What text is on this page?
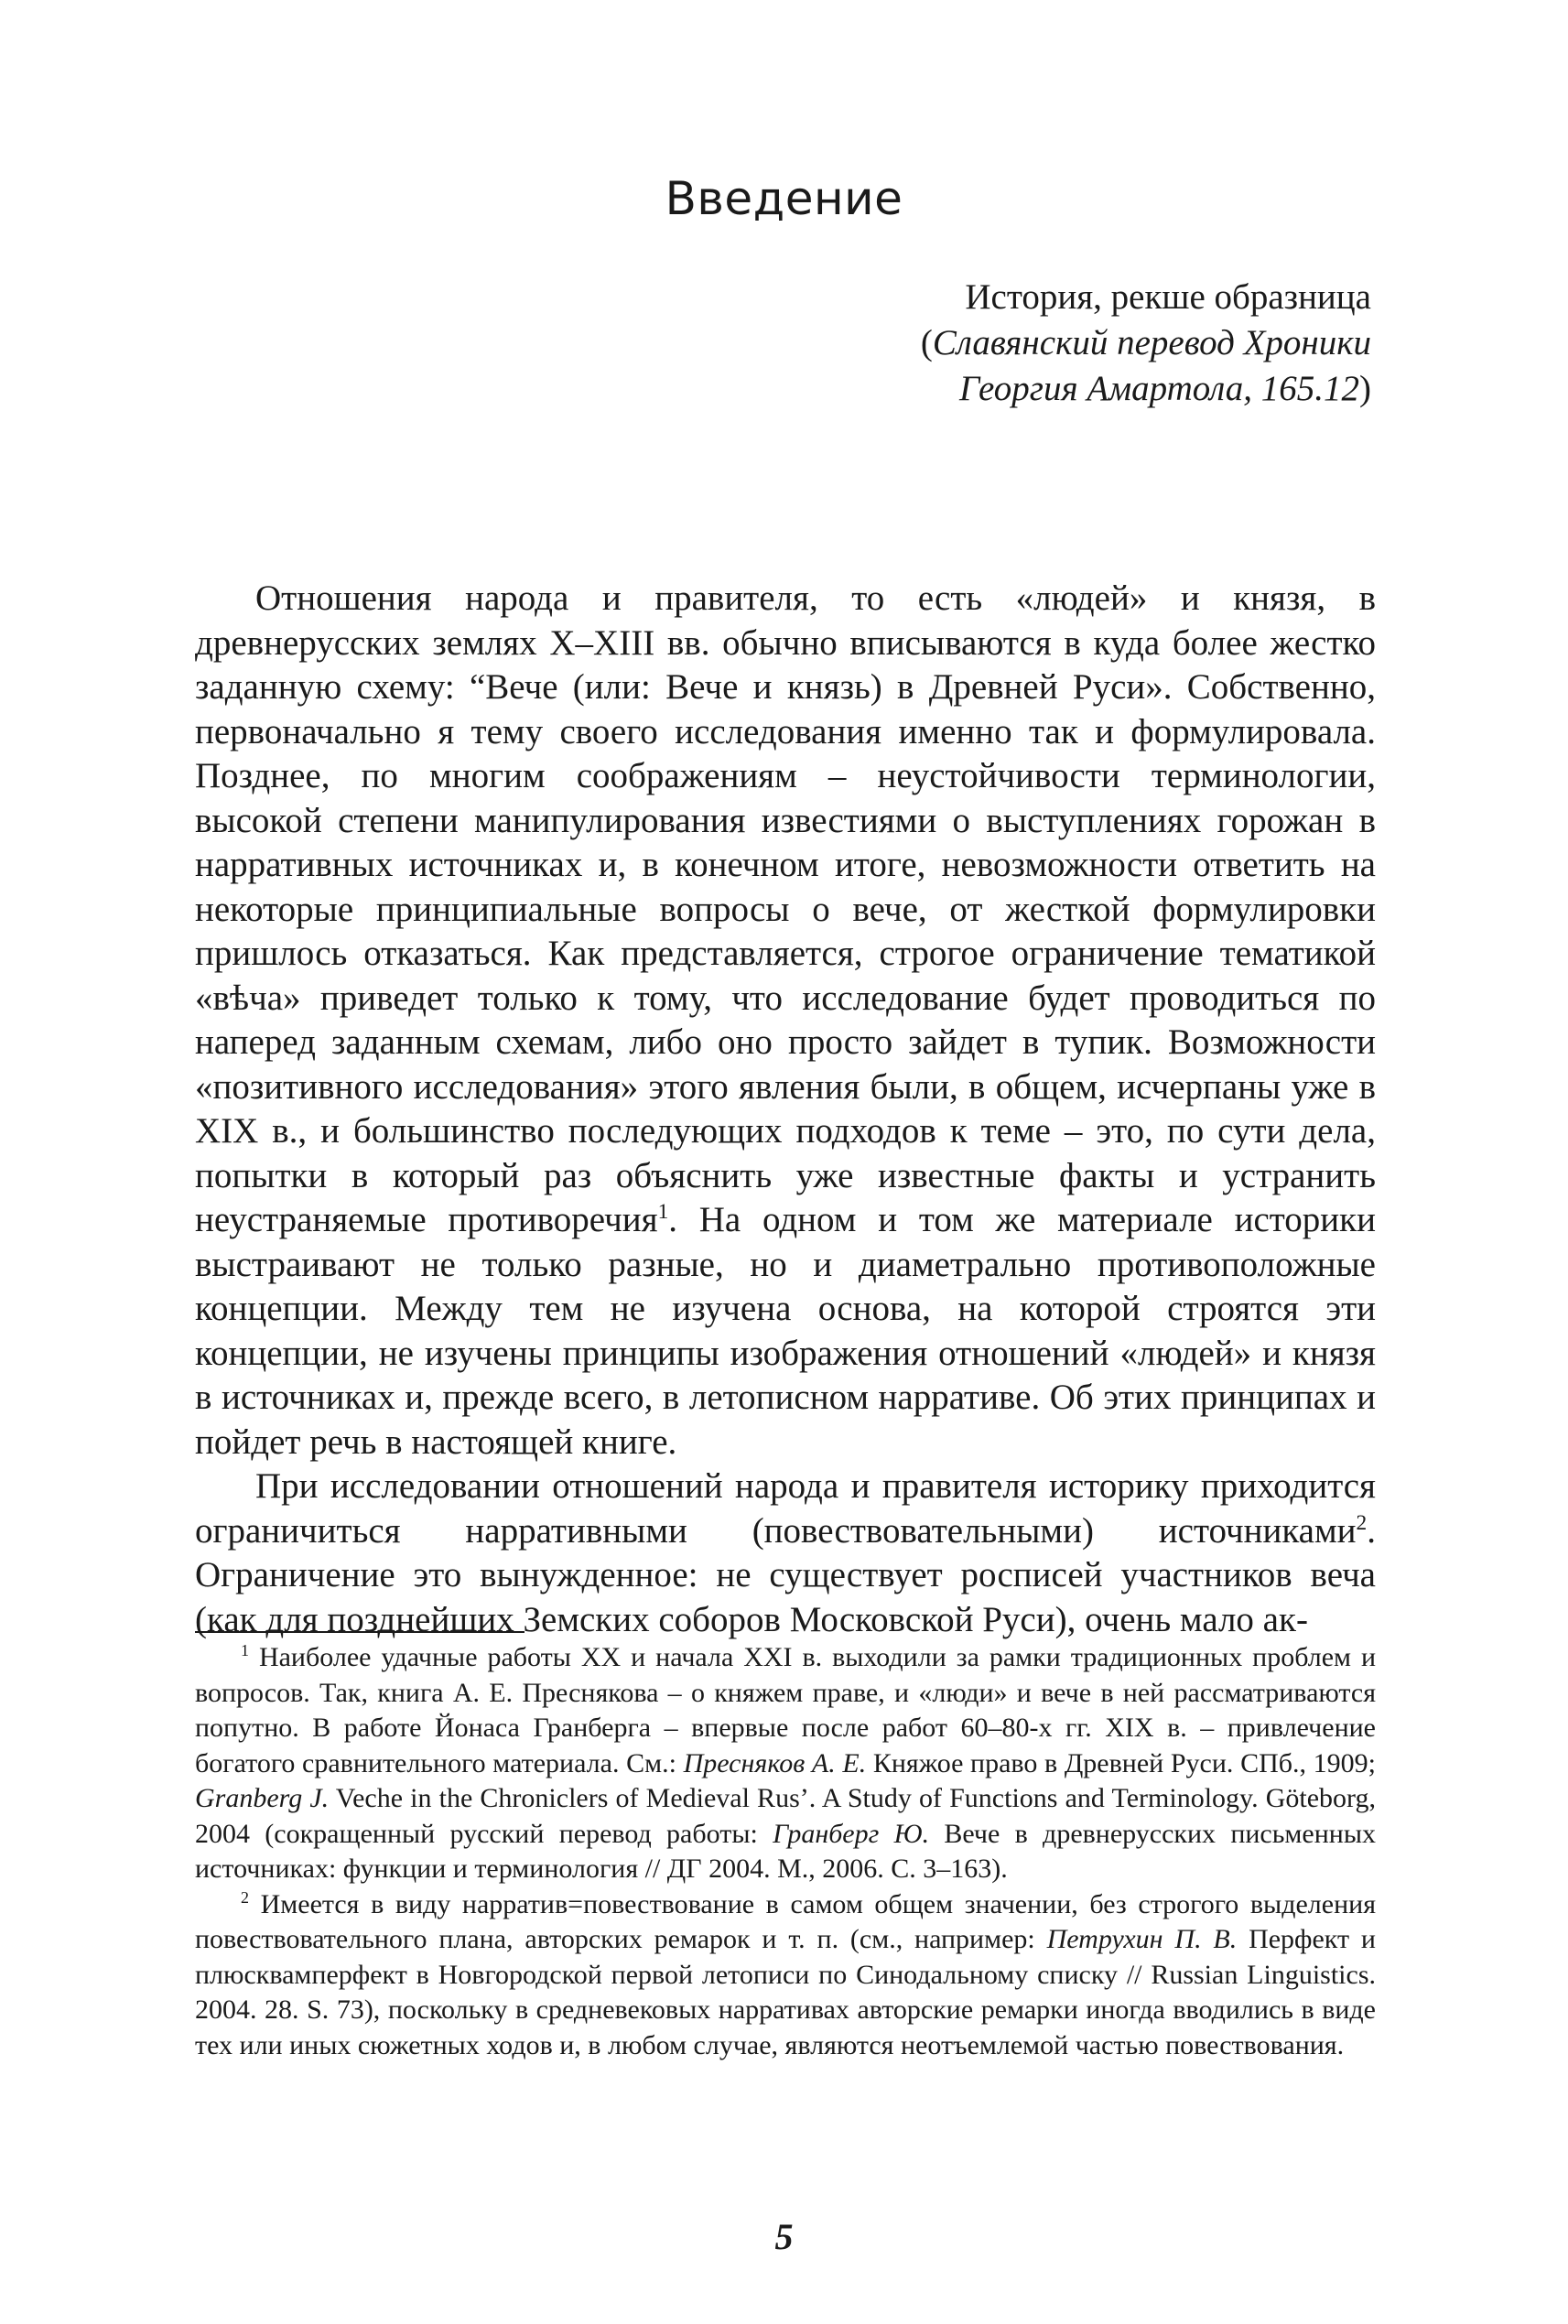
Введение
История, рекше образница
(Славянский перевод Хроники
Георгия Амартола, 165.12)

Отношения народа и правителя, то есть «людей» и князя, в древнерусских землях X–XIII вв. обычно вписываются в куда более жестко заданную схему: “Вече (или: Вече и князь) в Древней Руси». Собственно, первоначально я тему своего исследования именно так и формулировала. Позднее, по многим соображениям – неустойчивости терминологии, высокой степени манипулирования известиями о выступлениях горожан в нарративных источниках и, в конечном итоге, невозможности ответить на некоторые принципиальные вопросы о вече, от жесткой формулировки пришлось отказаться. Как представляется, строгое ограничение тематикой «вѣча» приведет только к тому, что исследование будет проводиться по наперед заданным схемам, либо оно просто зайдет в тупик. Возможности «позитивного исследования» этого явления были, в общем, исчерпаны уже в XIX в., и большинство последующих подходов к теме – это, по сути дела, попытки в который раз объяснить уже известные факты и устранить неустраняемые противоречия$^1$. На одном и том же материале историки выстраивают не только разные, но и диаметрально противоположные концепции. Между тем не изучена основа, на которой строятся эти концепции, не изучены принципы изображения отношений «людей» и князя в источниках и, прежде всего, в летописном нарративе. Об этих принципах и пойдет речь в настоящей книге.

При исследовании отношений народа и правителя историку приходится ограничиться нарративными (повествовательными) источниками$^2$. Ограничение это вынужденное: не существует росписей участников веча (как для позднейших Земских соборов Московской Руси), очень мало ак-

$^1$ Наиболее удачные работы XX и начала XXI в. выходили за рамки традиционных проблем и вопросов. Так, книга А. Е. Преснякова – о княжем праве, и «люди» и вече в ней рассматриваются попутно. В работе Йонаса Гранберга – впервые после работ 60–80-х гг. XIX в. – привлечение богатого сравнительного материала. См.: Пресняков А. Е. Княжое право в Древней Руси. СПб., 1909; Granberg J. Veche in the Chroniclers of Medieval Rus’. A Study of Functions and Terminology. Göteborg, 2004 (сокращенный русский перевод работы: Гранберг Ю. Вече в древнерусских письменных источниках: функции и терминология // ДГ 2004. М., 2006. С. 3–163).

$^2$ Имеется в виду нарратив=повествование в самом общем значении, без строгого выделения повествовательного плана, авторских ремарок и т. п. (см., например: Петрухин П. В. Перфект и плюсквамперфект в Новгородской первой летописи по Синодальному списку // Russian Linguistics. 2004. 28. S. 73), поскольку в средневековых нарративах авторские ремарки иногда вводились в виде тех или иных сюжетных ходов и, в любом случае, являются неотъемлемой частью повествования.

5
